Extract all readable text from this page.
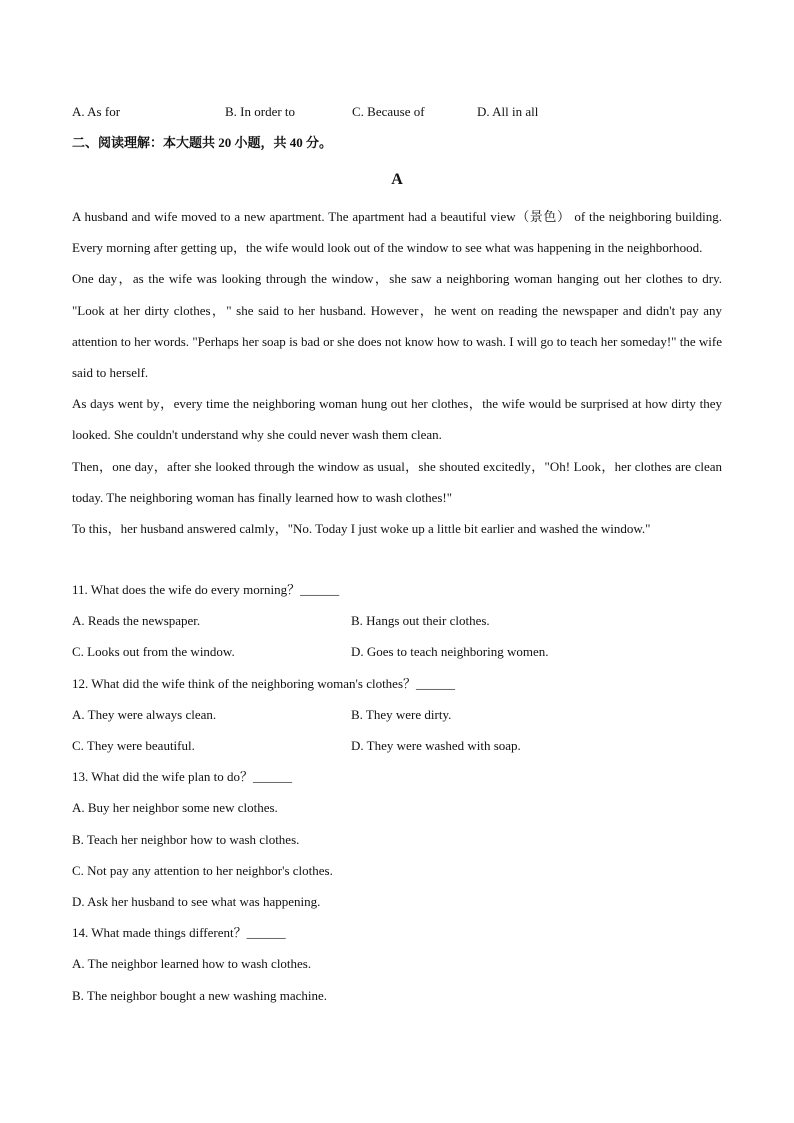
A. As for	B. In order to	C. Because of	D. All in all
二、阅读理解：本大题共 20 小题，共 40 分。
A

A husband and wife moved to a new apartment. The apartment had a beautiful view（景色） of the neighboring building. Every morning after getting up，the wife would look out of the window to see what was happening in the neighborhood.

One day，as the wife was looking through the window，she saw a neighboring woman hanging out her clothes to dry. "Look at her dirty clothes，" she said to her husband. However，he went on reading the newspaper and didn't pay any attention to her words. "Perhaps her soap is bad or she does not know how to wash. I will go to teach her someday!" the wife said to herself.

As days went by，every time the neighboring woman hung out her clothes，the wife would be surprised at how dirty they looked. She couldn't understand why she could never wash them clean.

Then，one day，after she looked through the window as usual，she shouted excitedly，"Oh! Look，her clothes are clean today. The neighboring woman has finally learned how to wash clothes!"

To this，her husband answered calmly，"No. Today I just woke up a little bit earlier and washed the window."

11. What does the wife do every morning？______
A. Reads the newspaper.	B. Hangs out their clothes.
C. Looks out from the window.	D. Goes to teach neighboring women.
12. What did the wife think of the neighboring woman's clothes？______
A. They were always clean.	B. They were dirty.
C. They were beautiful.	D. They were washed with soap.
13. What did the wife plan to do？______
A. Buy her neighbor some new clothes.
B. Teach her neighbor how to wash clothes.
C. Not pay any attention to her neighbor's clothes.
D. Ask her husband to see what was happening.
14. What made things different？______
A. The neighbor learned how to wash clothes.
B. The neighbor bought a new washing machine.
